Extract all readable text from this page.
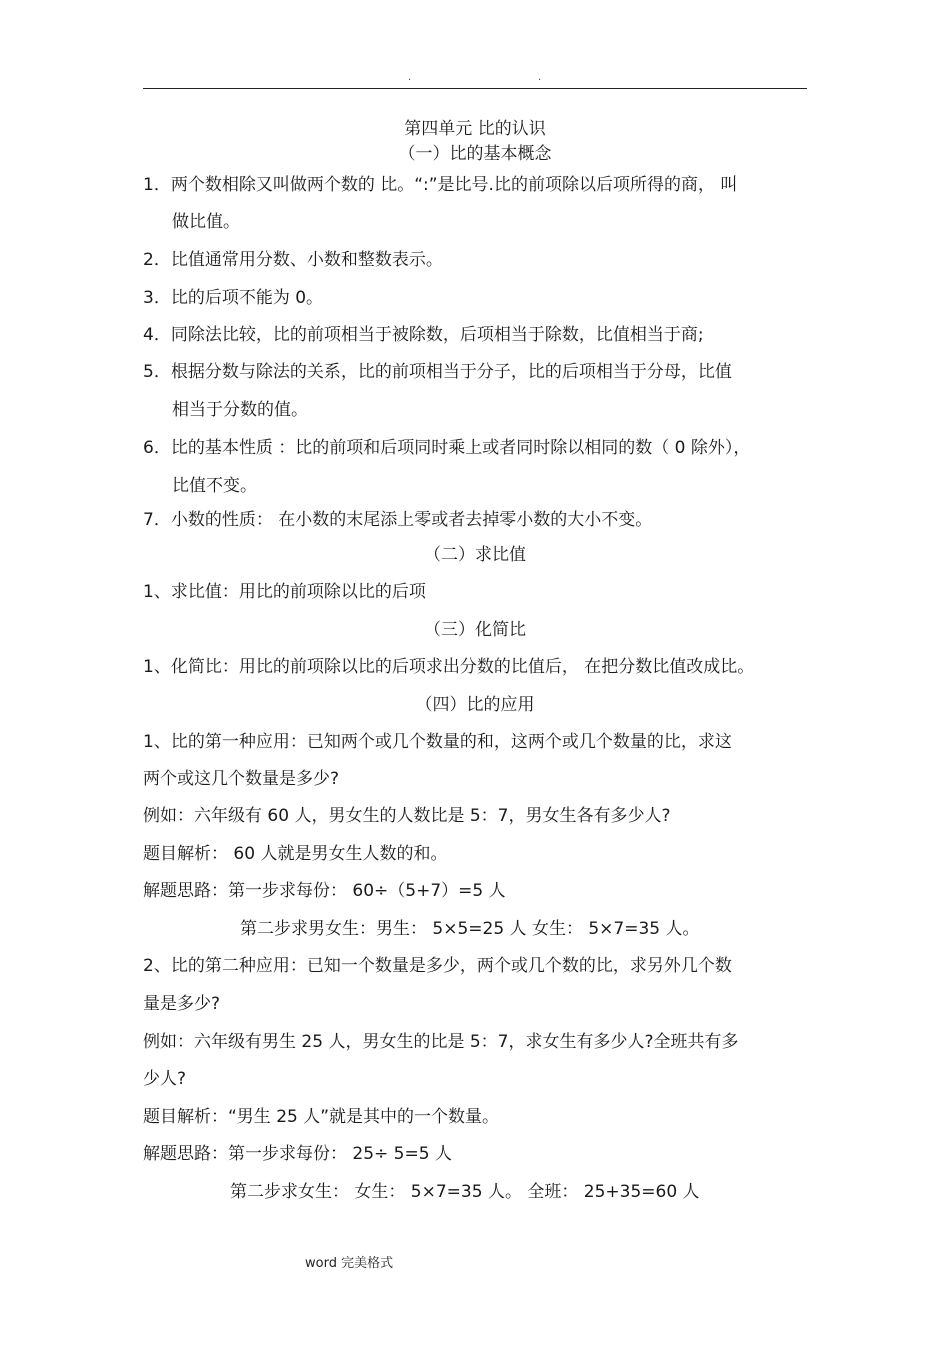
.	.
第四单元 比的认识
（一）比的基本概念
1．两个数相除又叫做两个数的 比。“:”是比号.比的前项除以后项所得的商， 叫
做比值。
2．比值通常用分数、小数和整数表示。
3．比的后项不能为 0。
4．同除法比较，比的前项相当于被除数，后项相当于除数，比值相当于商;
5．根据分数与除法的关系，比的前项相当于分子，比的后项相当于分母，比值
相当于分数的值。
6．比的基本性质 ：比的前项和后项同时乘上或者同时除以相同的数（ 0 除外），
比值不变。
7．小数的性质： 在小数的末尾添上零或者去掉零小数的大小不变。
（二）求比值
1、求比值：用比的前项除以比的后项
（三）化简比
1、化简比：用比的前项除以比的后项求出分数的比值后， 在把分数比值改成比。
（四）比的应用
1、比的第一种应用：已知两个或几个数量的和，这两个或几个数量的比，求这
两个或这几个数量是多少?
例如：六年级有 60 人，男女生的人数比是 5：7，男女生各有多少人?
题目解析： 60 人就是男女生人数的和。
解题思路：第一步求每份： 60÷（5+7）=5 人
第二步求男女生：男生： 5×5=25 人 女生： 5×7=35 人。
2、比的第二种应用：已知一个数量是多少，两个或几个数的比，求另外几个数
量是多少?
例如：六年级有男生 25 人，男女生的比是 5：7，求女生有多少人?全班共有多
少人?
题目解析：“男生 25 人”就是其中的一个数量。
解题思路：第一步求每份： 25÷ 5=5 人
第二步求女生： 女生： 5×7=35 人。 全班： 25+35=60 人
word 完美格式
